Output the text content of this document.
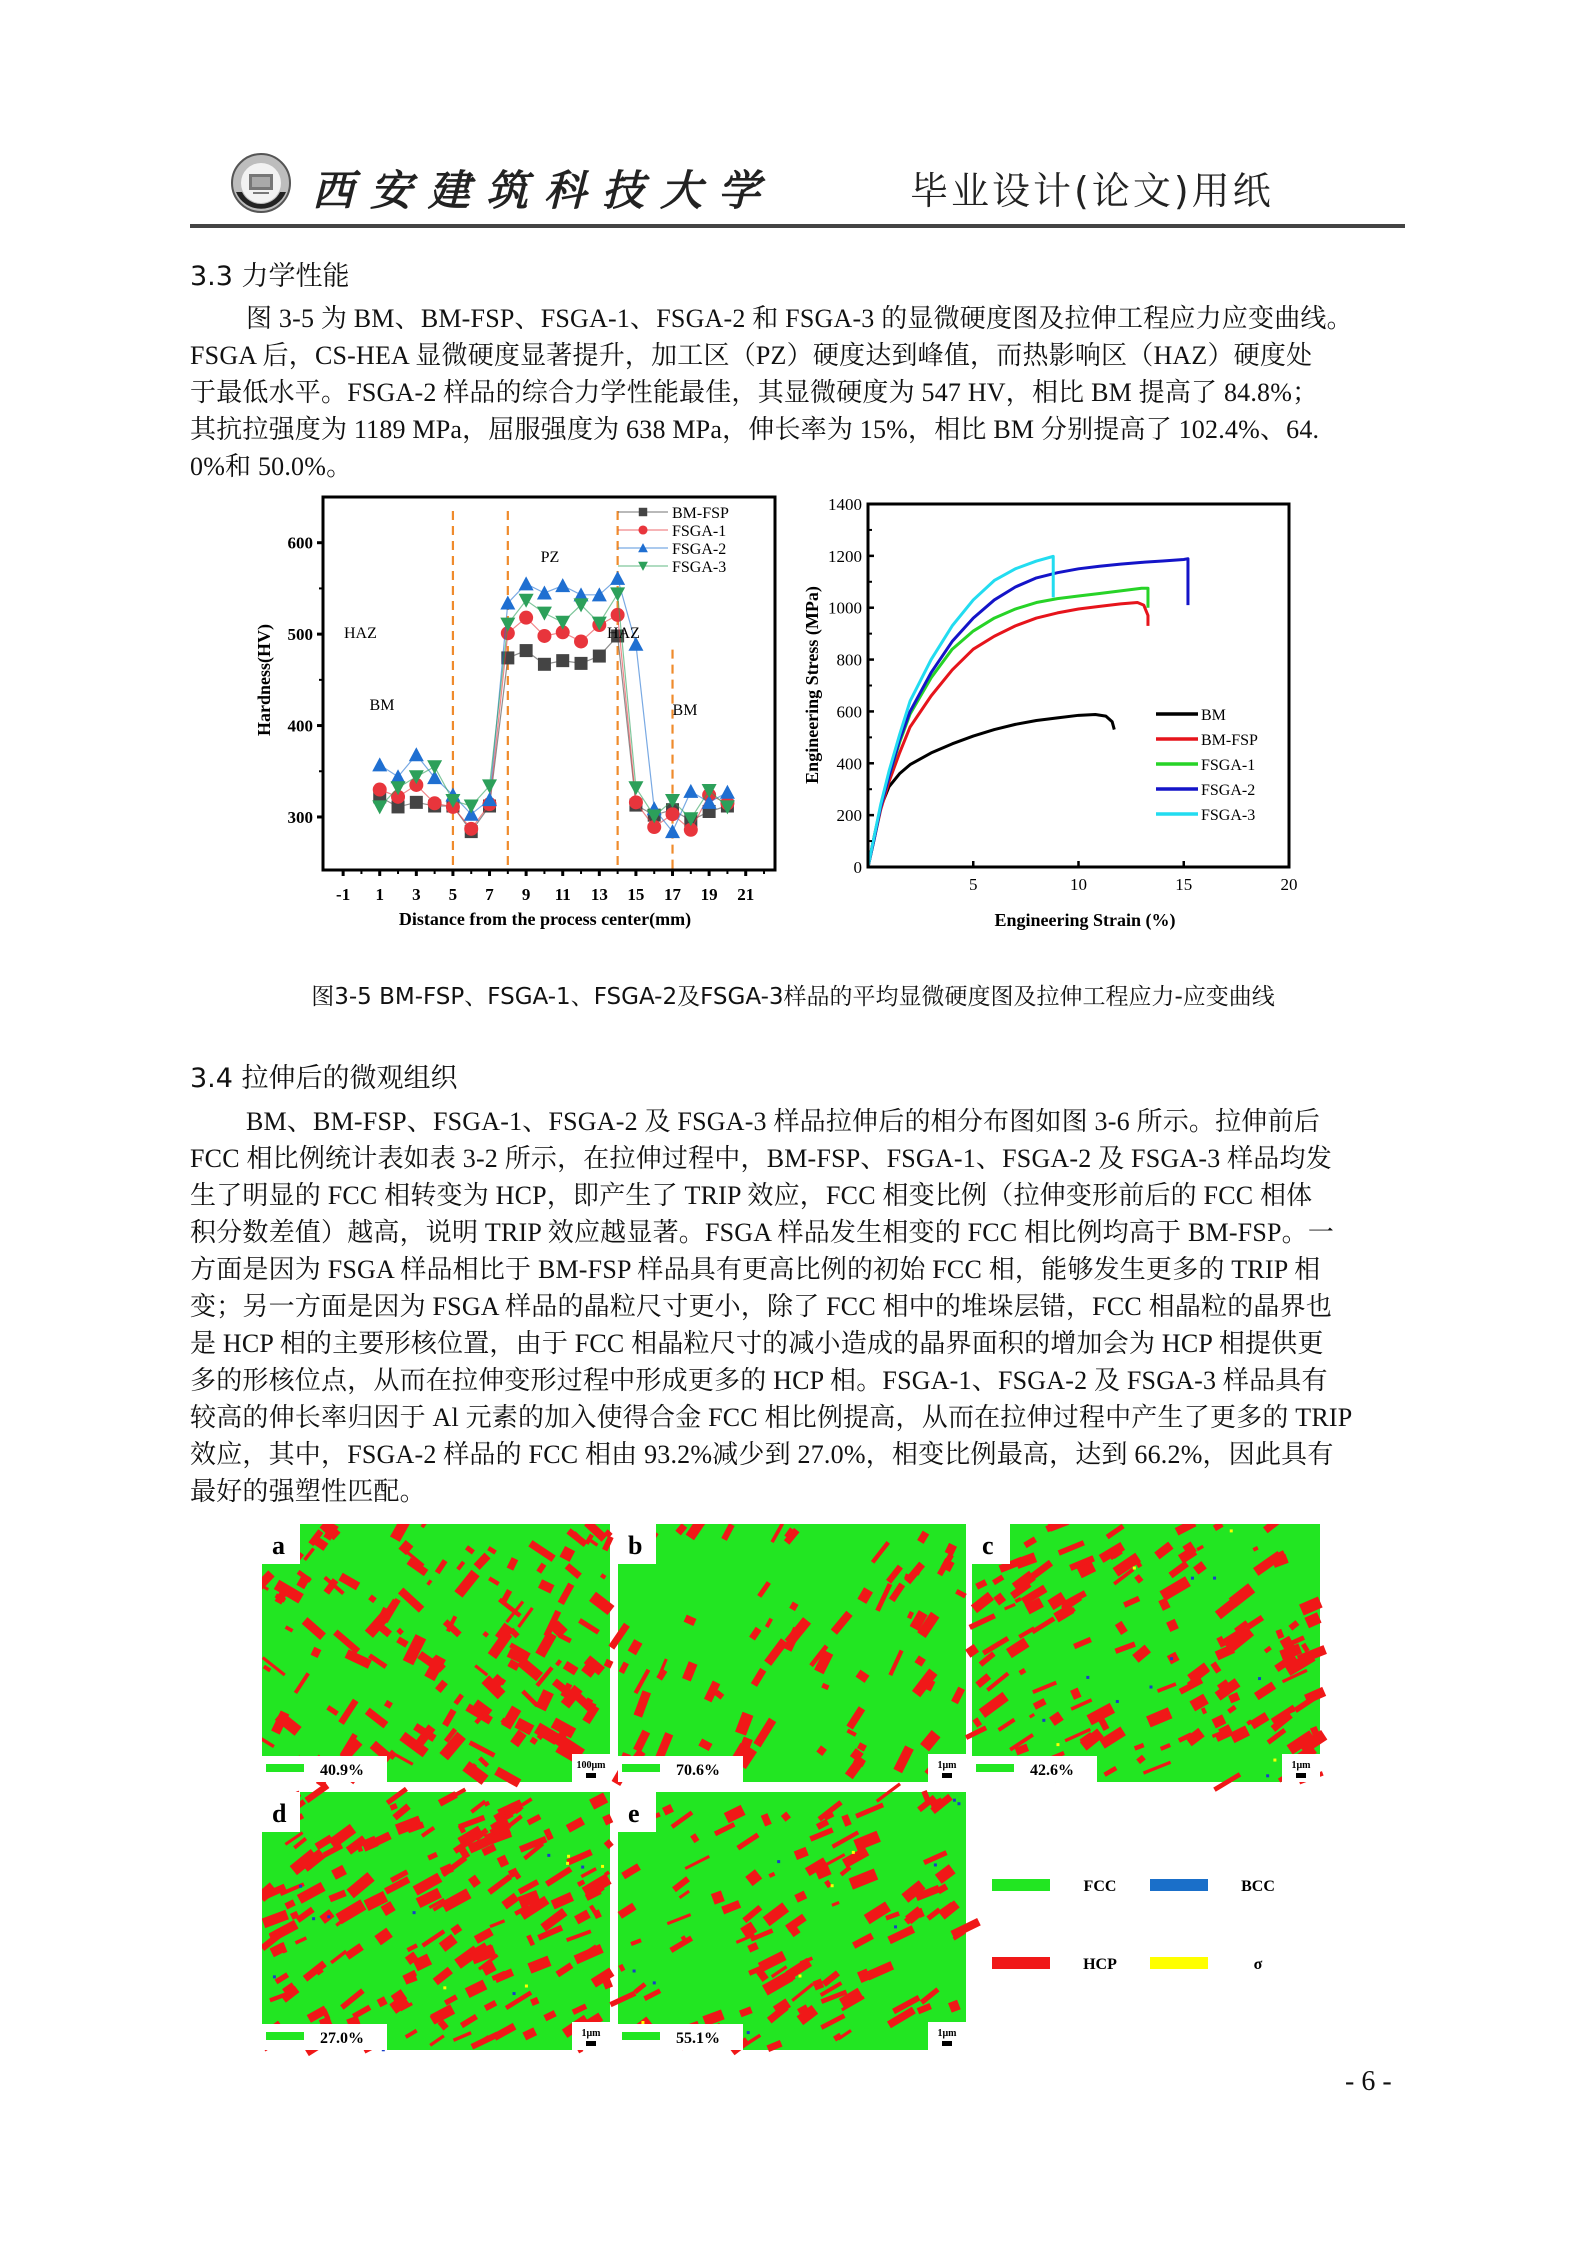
西安建筑科技大学	毕业设计(论文)用纸
3.3 力学性能
图 3-5 为 BM、BM-FSP、FSGA-1、FSGA-2 和 FSGA-3 的显微硬度图及拉伸工程应力应变曲线。
FSGA 后，CS-HEA 显微硬度显著提升，加工区（PZ）硬度达到峰值，而热影响区（HAZ）硬度处
于最低水平。FSGA-2 样品的综合力学性能最佳，其显微硬度为 547 HV，相比 BM 提高了 84.8%；
其抗拉强度为 1189 MPa，屈服强度为 638 MPa，伸长率为 15%，相比 BM 分别提高了 102.4%、64.
0%和 50.0%。
300
400
500
600
-1 1 3 5 7 9 11 13 15 17 19 21
BM
HAZ
PZ
HAZ
BM
BM-FSP
FSGA-1
FSGA-2
FSGA-3
Distance from the process center(mm)
Hardness(HV)
0
200
400
600
800
1000
1200
1400
5	10	15	20
BM
BM-FSP
FSGA-1
FSGA-2
FSGA-3
Engineering Strain (%)
Engineering Stress (MPa)
图3-5 BM-FSP、FSGA-1、FSGA-2及FSGA-3样品的平均显微硬度图及拉伸工程应力-应变曲线
3.4 拉伸后的微观组织
BM、BM-FSP、FSGA-1、FSGA-2 及 FSGA-3 样品拉伸后的相分布图如图 3-6 所示。拉伸前后
FCC 相比例统计表如表 3-2 所示，在拉伸过程中，BM-FSP、FSGA-1、FSGA-2 及 FSGA-3 样品均发
生了明显的 FCC 相转变为 HCP，即产生了 TRIP 效应，FCC 相变比例（拉伸变形前后的 FCC 相体
积分数差值）越高，说明 TRIP 效应越显著。FSGA 样品发生相变的 FCC 相比例均高于 BM-FSP。一
方面是因为 FSGA 样品相比于 BM-FSP 样品具有更高比例的初始 FCC 相，能够发生更多的 TRIP 相
变；另一方面是因为 FSGA 样品的晶粒尺寸更小，除了 FCC 相中的堆垛层错，FCC 相晶粒的晶界也
是 HCP 相的主要形核位置，由于 FCC 相晶粒尺寸的减小造成的晶界面积的增加会为 HCP 相提供更
多的形核位点，从而在拉伸变形过程中形成更多的 HCP 相。FSGA-1、FSGA-2 及 FSGA-3 样品具有
较高的伸长率归因于 Al 元素的加入使得合金 FCC 相比例提高，从而在拉伸过程中产生了更多的 TRIP
效应，其中，FSGA-2 样品的 FCC 相由 93.2%减少到 27.0%，相变比例最高，达到 66.2%，因此具有
最好的强塑性匹配。
a
40.9%	100μm
b
70.6%	1μm
c
42.6%	1μm
d
27.0%	1μm
e
55.1%	1μm
FCC	BCC
HCP	σ
- 6 -
